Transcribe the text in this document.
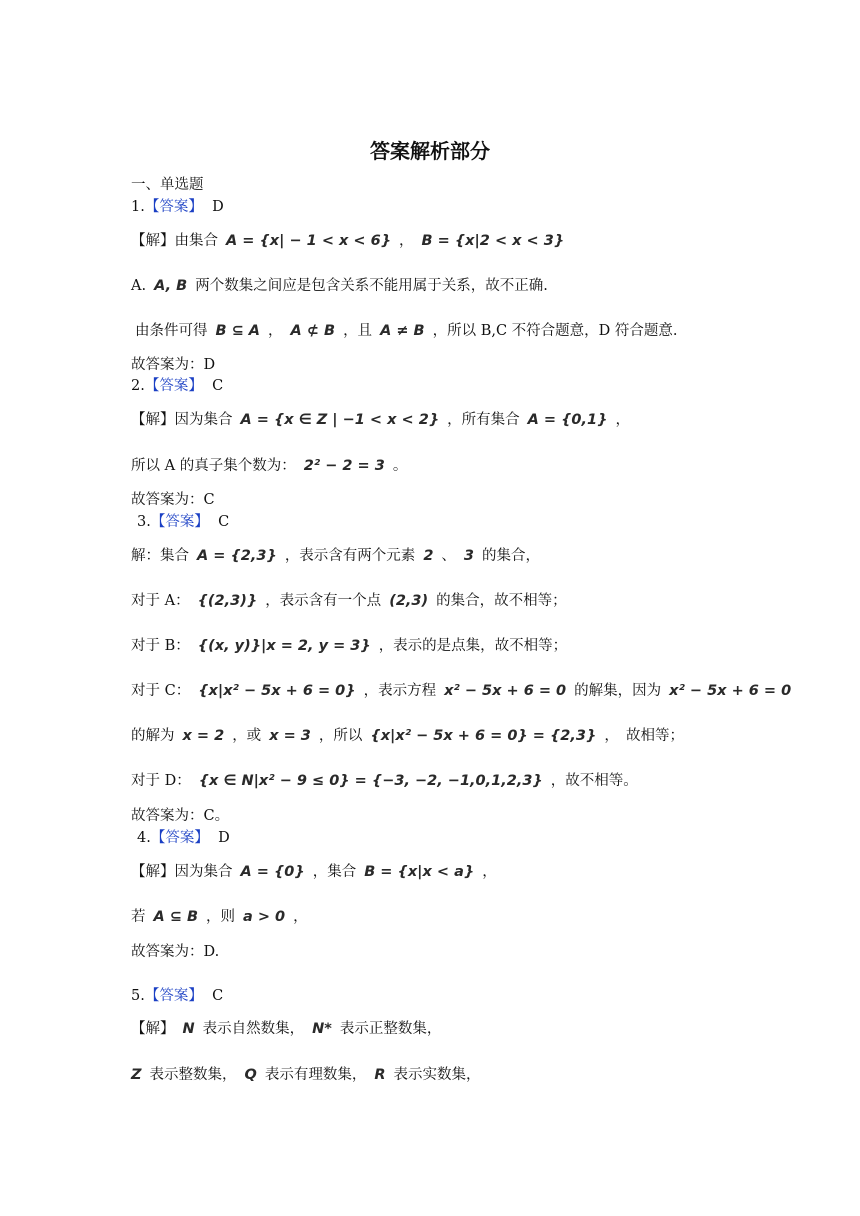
答案解析部分
一、单选题
1.【答案】 D
【解】由集合 A = {x| − 1 < x < 6} ， B = {x|2 < x < 3}
A. A, B 两个数集之间应是包含关系不能用属于关系，故不正确.
由条件可得 B ⊆ A ， A ⊄ B ，且 A ≠ B ，所以 B,C 不符合题意，D 符合题意.
故答案为：D
2.【答案】 C
【解】因为集合 A = {x ∈ Z | −1 < x < 2} ，所有集合 A = {0,1} ，
所以 A 的真子集个数为： 2² − 2 = 3 。
故答案为：C
3.【答案】 C
解：集合 A = {2,3} ，表示含有两个元素 2 、 3 的集合，
对于 A： {(2,3)} ，表示含有一个点 (2,3) 的集合，故不相等；
对于 B： {(x, y)}|x = 2, y = 3} ，表示的是点集，故不相等；
对于 C： {x|x² − 5x + 6 = 0} ，表示方程 x² − 5x + 6 = 0 的解集，因为 x² − 5x + 6 = 0
的解为 x = 2 ，或 x = 3 ，所以 {x|x² − 5x + 6 = 0} = {2,3} ，　故相等；
对于 D： {x ∈ N|x² − 9 ≤ 0} = {−3, −2, −1,0,1,2,3} ，故不相等。
故答案为：C。
4.【答案】 D
【解】因为集合 A = {0} ，集合 B = {x|x < a} ，
若 A ⊆ B ，则 a > 0 ，
故答案为：D.
5.【答案】 C
【解】 N 表示自然数集， N* 表示正整数集，
Z 表示整数集， Q 表示有理数集， R 表示实数集，
